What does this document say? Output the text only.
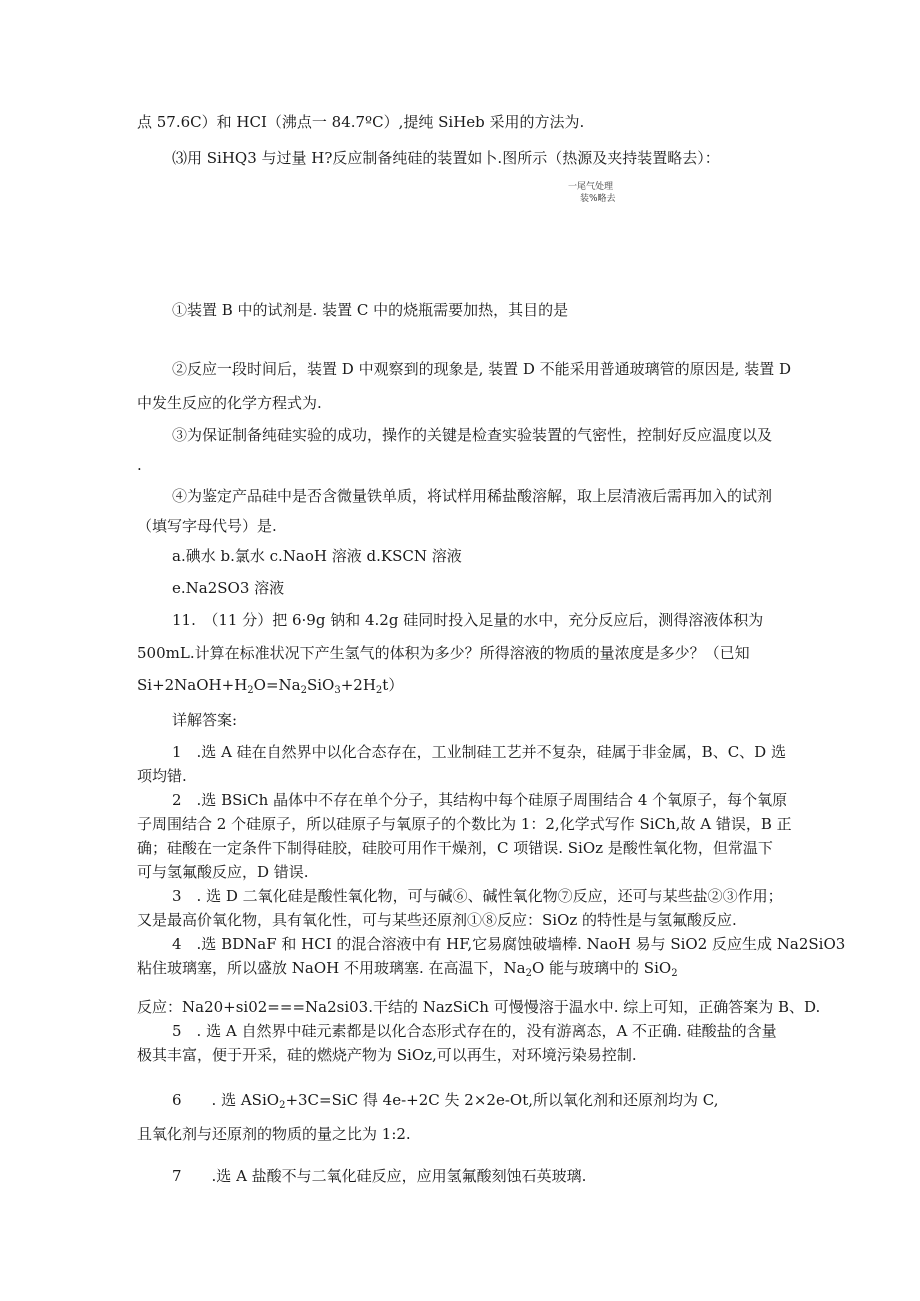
点 57.6C）和 HCI（沸点一 84.7ºC）,提纯 SiHeb 采用的方法为.
⑶用 SiHQ3 与过量 H?反应制备纯硅的装置如卜.图所示（热源及夹持装置略去）：
一尾气处理
装%略去
①装置 B 中的试剂是. 装置 C 中的烧瓶需要加热，其目的是
②反应一段时间后，装置 D 中观察到的现象是, 装置 D 不能采用普通玻璃管的原因是, 装置 D
中发生反应的化学方程式为.
③为保证制备纯硅实验的成功，操作的关键是检查实验装置的气密性，控制好反应温度以及
.
④为鉴定产品硅中是否含微量铁单质，将试样用稀盐酸溶解，取上层清液后需再加入的试剂
（填写字母代号）是.
a.碘水 b.氯水 c.NaoH 溶液 d.KSCN 溶液
e.Na2SO3 溶液
11.　（11 分）把 6·9g 钠和 4.2g 硅同时投入足量的水中，充分反应后，测得溶液体积为
500mL.计算在标准状况下产生氢气的体积为多少？所得溶液的物质的量浓度是多少？（已知
$Si+2NaOH+H_2O=Na_2SiO_3+2H_2t$）
详解答案:
1　.选 A 硅在自然界中以化合态存在，工业制硅工艺并不复杂，硅属于非金属，B、C、D 选
项均错.
2　.选 BSiCh 晶体中不存在单个分子，其结构中每个硅原子周围结合 4 个氧原子，每个氧原
子周围结合 2 个硅原子，所以硅原子与氧原子的个数比为 1：2,化学式写作 SiCh,故 A 错误，B 正
确；硅酸在一定条件下制得硅胶，硅胶可用作干燥剂，C 项错误. SiOz 是酸性氧化物，但常温下
可与氢氟酸反应，D 错误.
3　. 选 D 二氧化硅是酸性氧化物，可与碱⑥、碱性氧化物⑦反应，还可与某些盐②③作用；
又是最高价氧化物，具有氧化性，可与某些还原剂①⑧反应：SiOz 的特性是与氢氟酸反应.
4　.选 BDNaF 和 HCI 的混合溶液中有 HF,它易腐蚀破墙棒. NaoH 易与 SiO2 反应生成 Na2SiO3
粘住玻璃塞，所以盛放 NaOH 不用玻璃塞. 在高温下，$Na_2O$ 能与玻璃中的 SiO$_2$
反应：Na20+si02===Na2si03.干结的 NazSiCh 可慢慢溶于温水中. 综上可知，正确答案为 B、D.
5　. 选 A 自然界中硅元素都是以化合态形式存在的，没有游离态，A 不正确. 硅酸盐的含量
极其丰富，便于开采，硅的燃烧产物为 SiOz,可以再生，对环境污染易控制.
6　　. 选 ASiO$_2$+3C=SiC 得 4e-+2C 失 2×2e-Ot,所以氧化剂和还原剂均为 C,
且氧化剂与还原剂的物质的量之比为 1:2.
7　　.选 A 盐酸不与二氧化硅反应，应用氢氟酸刻蚀石英玻璃.
